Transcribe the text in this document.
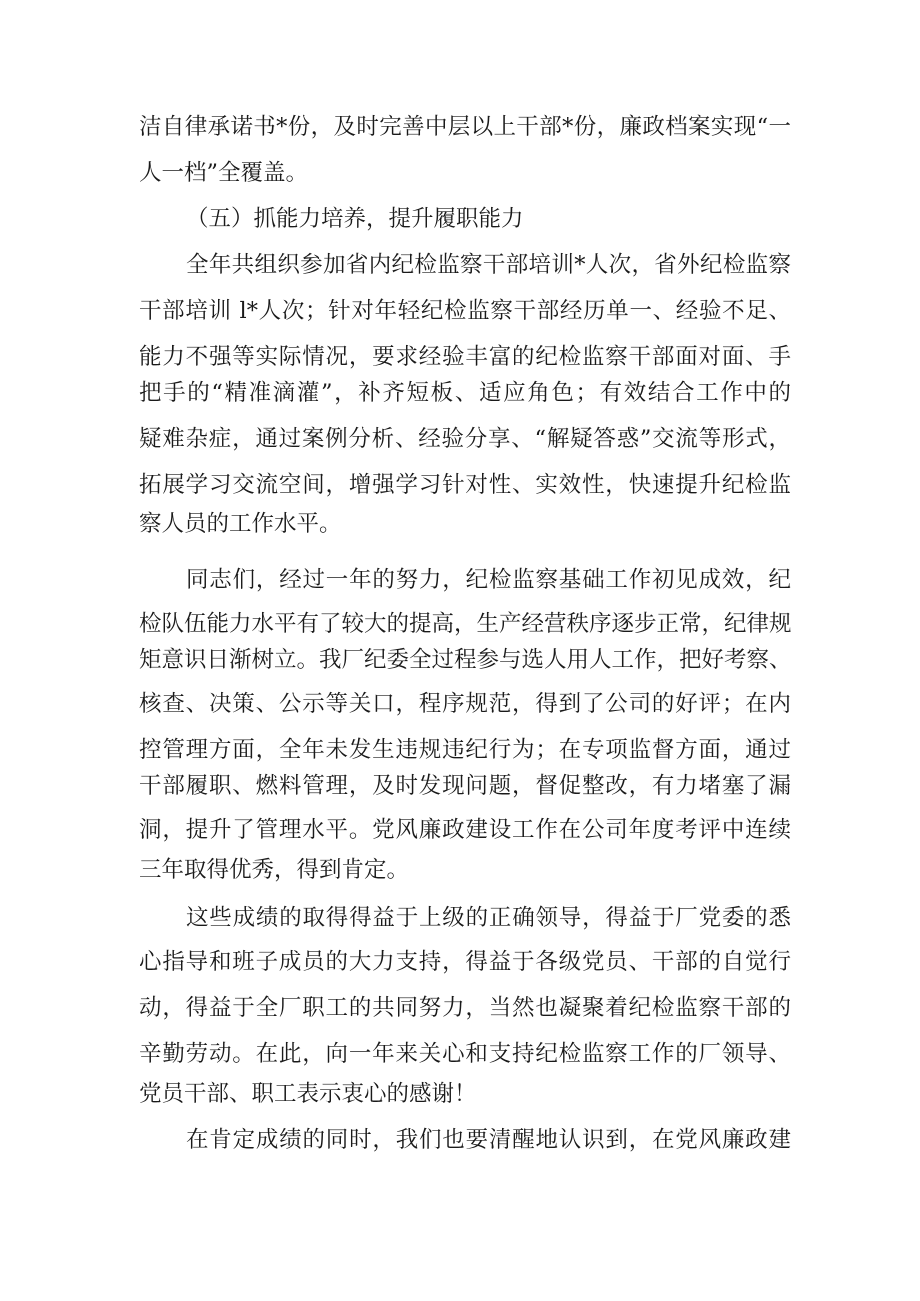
洁自律承诺书*份，及时完善中层以上干部*份，廉政档案实现“一
人一档”全覆盖。
（五）抓能力培养，提升履职能力
全年共组织参加省内纪检监察干部培训*人次，省外纪检监察
干部培训 l*人次；针对年轻纪检监察干部经历单一、经验不足、
能力不强等实际情况，要求经验丰富的纪检监察干部面对面、手
把手的“精准滴灌”，补齐短板、适应角色；有效结合工作中的
疑难杂症，通过案例分析、经验分享、“解疑答惑”交流等形式，
拓展学习交流空间，增强学习针对性、实效性，快速提升纪检监
察人员的工作水平。
同志们，经过一年的努力，纪检监察基础工作初见成效，纪
检队伍能力水平有了较大的提高，生产经营秩序逐步正常，纪律规
矩意识日渐树立。我厂纪委全过程参与选人用人工作，把好考察、
核查、决策、公示等关口，程序规范，得到了公司的好评；在内
控管理方面，全年未发生违规违纪行为；在专项监督方面，通过
干部履职、燃料管理，及时发现问题，督促整改，有力堵塞了漏
洞，提升了管理水平。党风廉政建设工作在公司年度考评中连续
三年取得优秀，得到肯定。
这些成绩的取得得益于上级的正确领导，得益于厂党委的悉
心指导和班子成员的大力支持，得益于各级党员、干部的自觉行
动，得益于全厂职工的共同努力，当然也凝聚着纪检监察干部的
辛勤劳动。在此，向一年来关心和支持纪检监察工作的厂领导、
党员干部、职工表示衷心的感谢！
在肯定成绩的同时，我们也要清醒地认识到，在党风廉政建
